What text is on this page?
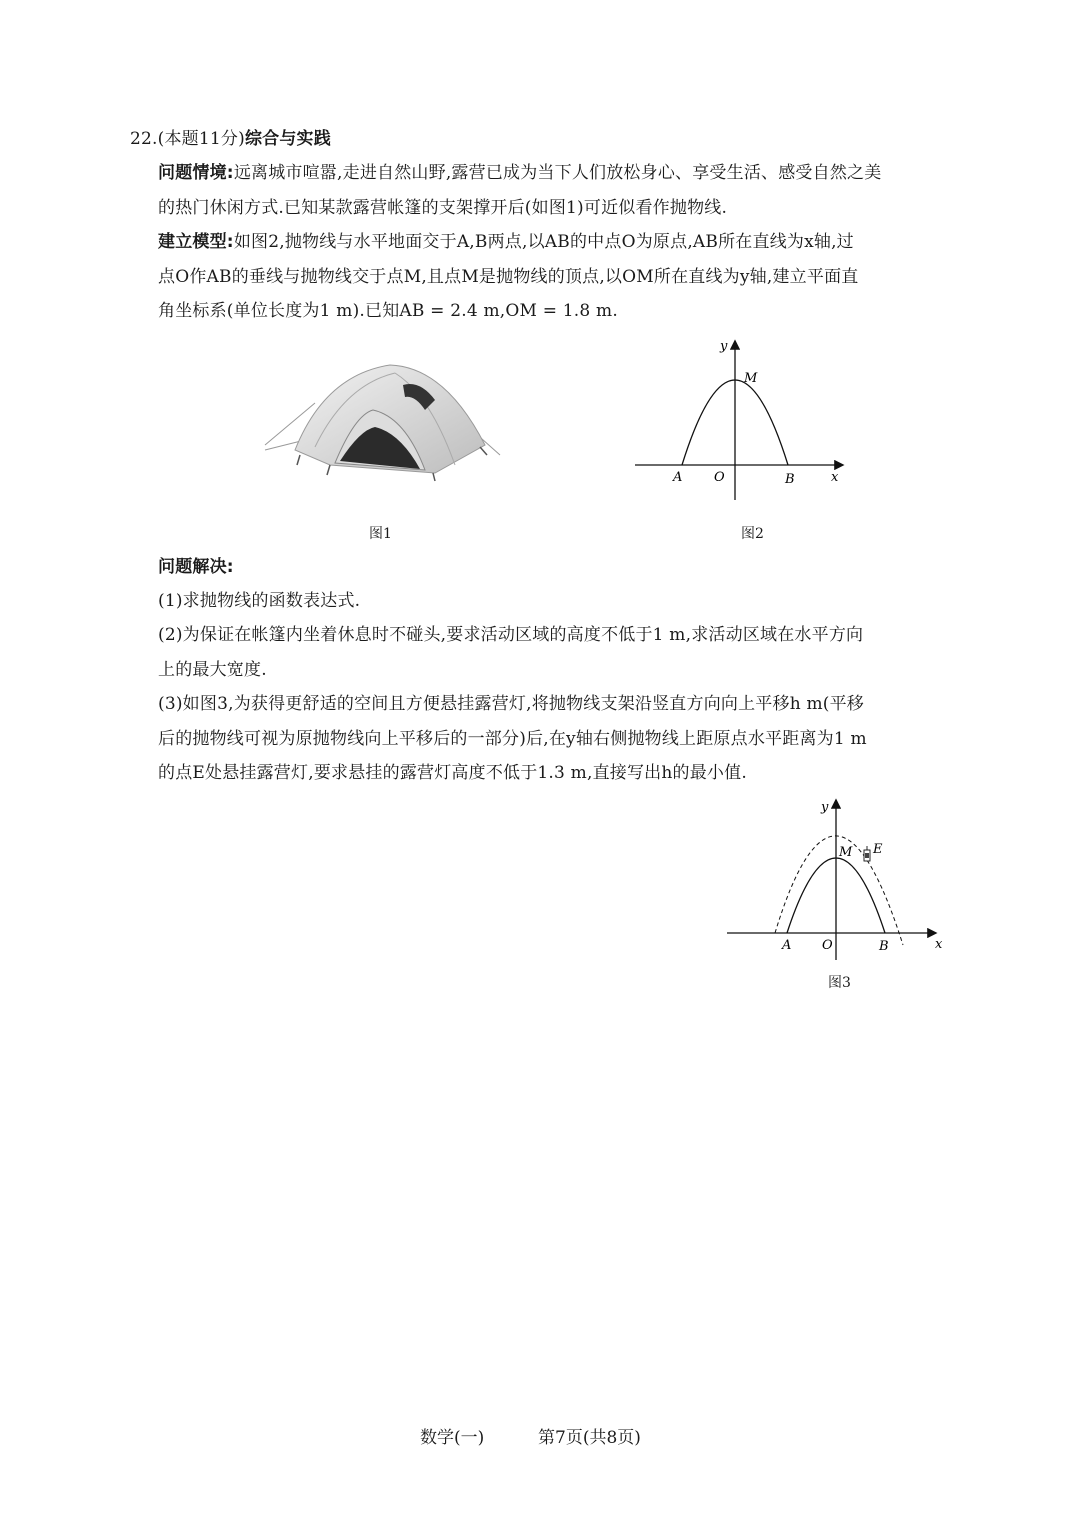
22.(本题11分)综合与实践
问题情境:远离城市喧嚣,走进自然山野,露营已成为当下人们放松身心、享受生活、感受自然之美
的热门休闲方式.已知某款露营帐篷的支架撑开后(如图1)可近似看作抛物线.
建立模型:如图2,抛物线与水平地面交于A,B两点,以AB的中点O为原点,AB所在直线为x轴,过
点O作AB的垂线与抛物线交于点M,且点M是抛物线的顶点,以OM所在直线为y轴,建立平面直
角坐标系(单位长度为1 m).已知AB = 2.4 m,OM = 1.8 m.
图1
y
M
A O	B	x
图2
问题解决:
(1)求抛物线的函数表达式.
(2)为保证在帐篷内坐着休息时不碰头,要求活动区域的高度不低于1 m,求活动区域在水平方向
上的最大宽度.
(3)如图3,为获得更舒适的空间且方便悬挂露营灯,将抛物线支架沿竖直方向向上平移h m(平移
后的抛物线可视为原抛物线向上平移后的一部分)后,在y轴右侧抛物线上距原点水平距离为1 m
的点E处悬挂露营灯,要求悬挂的露营灯高度不低于1.3 m,直接写出h的最小值.
y
M E
A O	B	x
图3
数学(一)	第7页(共8页)
